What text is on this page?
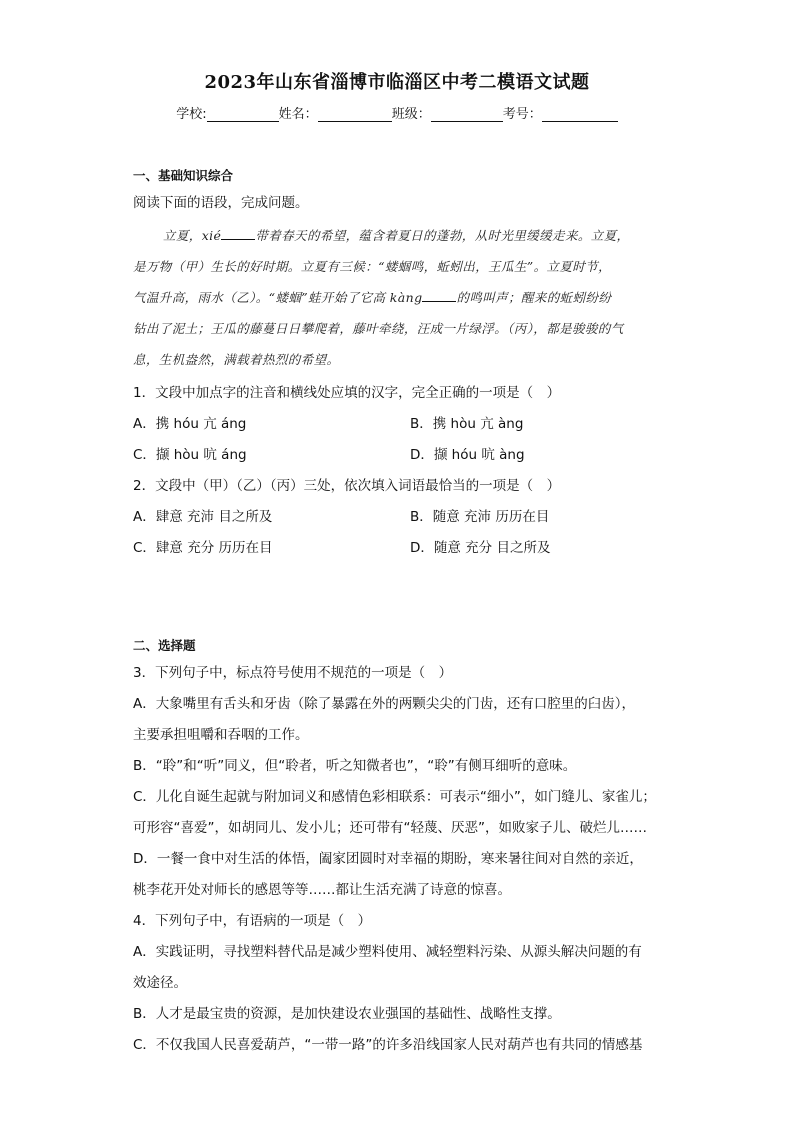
2023年山东省淄博市临淄区中考二模语文试题
学校:	姓名：	班级：	考号：
一、基础知识综合
阅读下面的语段，完成问题。
立夏，xié	带着春天的希望，蕴含着夏日的蓬勃，从时光里缓缓走来。立夏，
是万物（甲）生长的好时期。立夏有三候：“蝼蝈鸣，蚯蚓出，王瓜生”。立夏时节，
气温升高，雨水（乙）。“蝼蝈”蛙开始了它高 kàng	的鸣叫声；醒来的蚯蚓纷纷
钻出了泥土；王瓜的藤蔓日日攀爬着，藤叶牵绕，汪成一片绿浮。（丙），都是骏骏的气
息，生机盎然，满载着热烈的希望。
1．文段中加点字的注音和横线处应填的汉字，完全正确的一项是（　）
A．携 hóu 亢 áng	B．携 hòu 亢 àng
C．撷 hòu 吭 áng	D．撷 hóu 吭 àng
2．文段中（甲）（乙）（丙）三处，依次填入词语最恰当的一项是（　）
A．肆意 充沛 目之所及	B．随意 充沛 历历在目
C．肆意 充分 历历在目	D．随意 充分 目之所及
二、选择题
3．下列句子中，标点符号使用不规范的一项是（　）
A．大象嘴里有舌头和牙齿（除了暴露在外的两颗尖尖的门齿，还有口腔里的臼齿），
主要承担咀嚼和吞咽的工作。
B．“聆”和“听”同义，但“聆者，听之知微者也”，“聆”有侧耳细听的意味。
C．儿化自诞生起就与附加词义和感情色彩相联系：可表示“细小”，如门缝儿、家雀儿；
可形容“喜爱”，如胡同儿、发小儿；还可带有“轻蔑、厌恶”，如败家子儿、破烂儿……
D．一餐一食中对生活的体悟，阖家团圆时对幸福的期盼，寒来暑往间对自然的亲近，
桃李花开处对师长的感恩等等……都让生活充满了诗意的惊喜。
4．下列句子中，有语病的一项是（　）
A．实践证明，寻找塑料替代品是减少塑料使用、减轻塑料污染、从源头解决问题的有
效途径。
B．人才是最宝贵的资源，是加快建设农业强国的基础性、战略性支撑。
C．不仅我国人民喜爱葫芦，“一带一路”的许多沿线国家人民对葫芦也有共同的情感基
